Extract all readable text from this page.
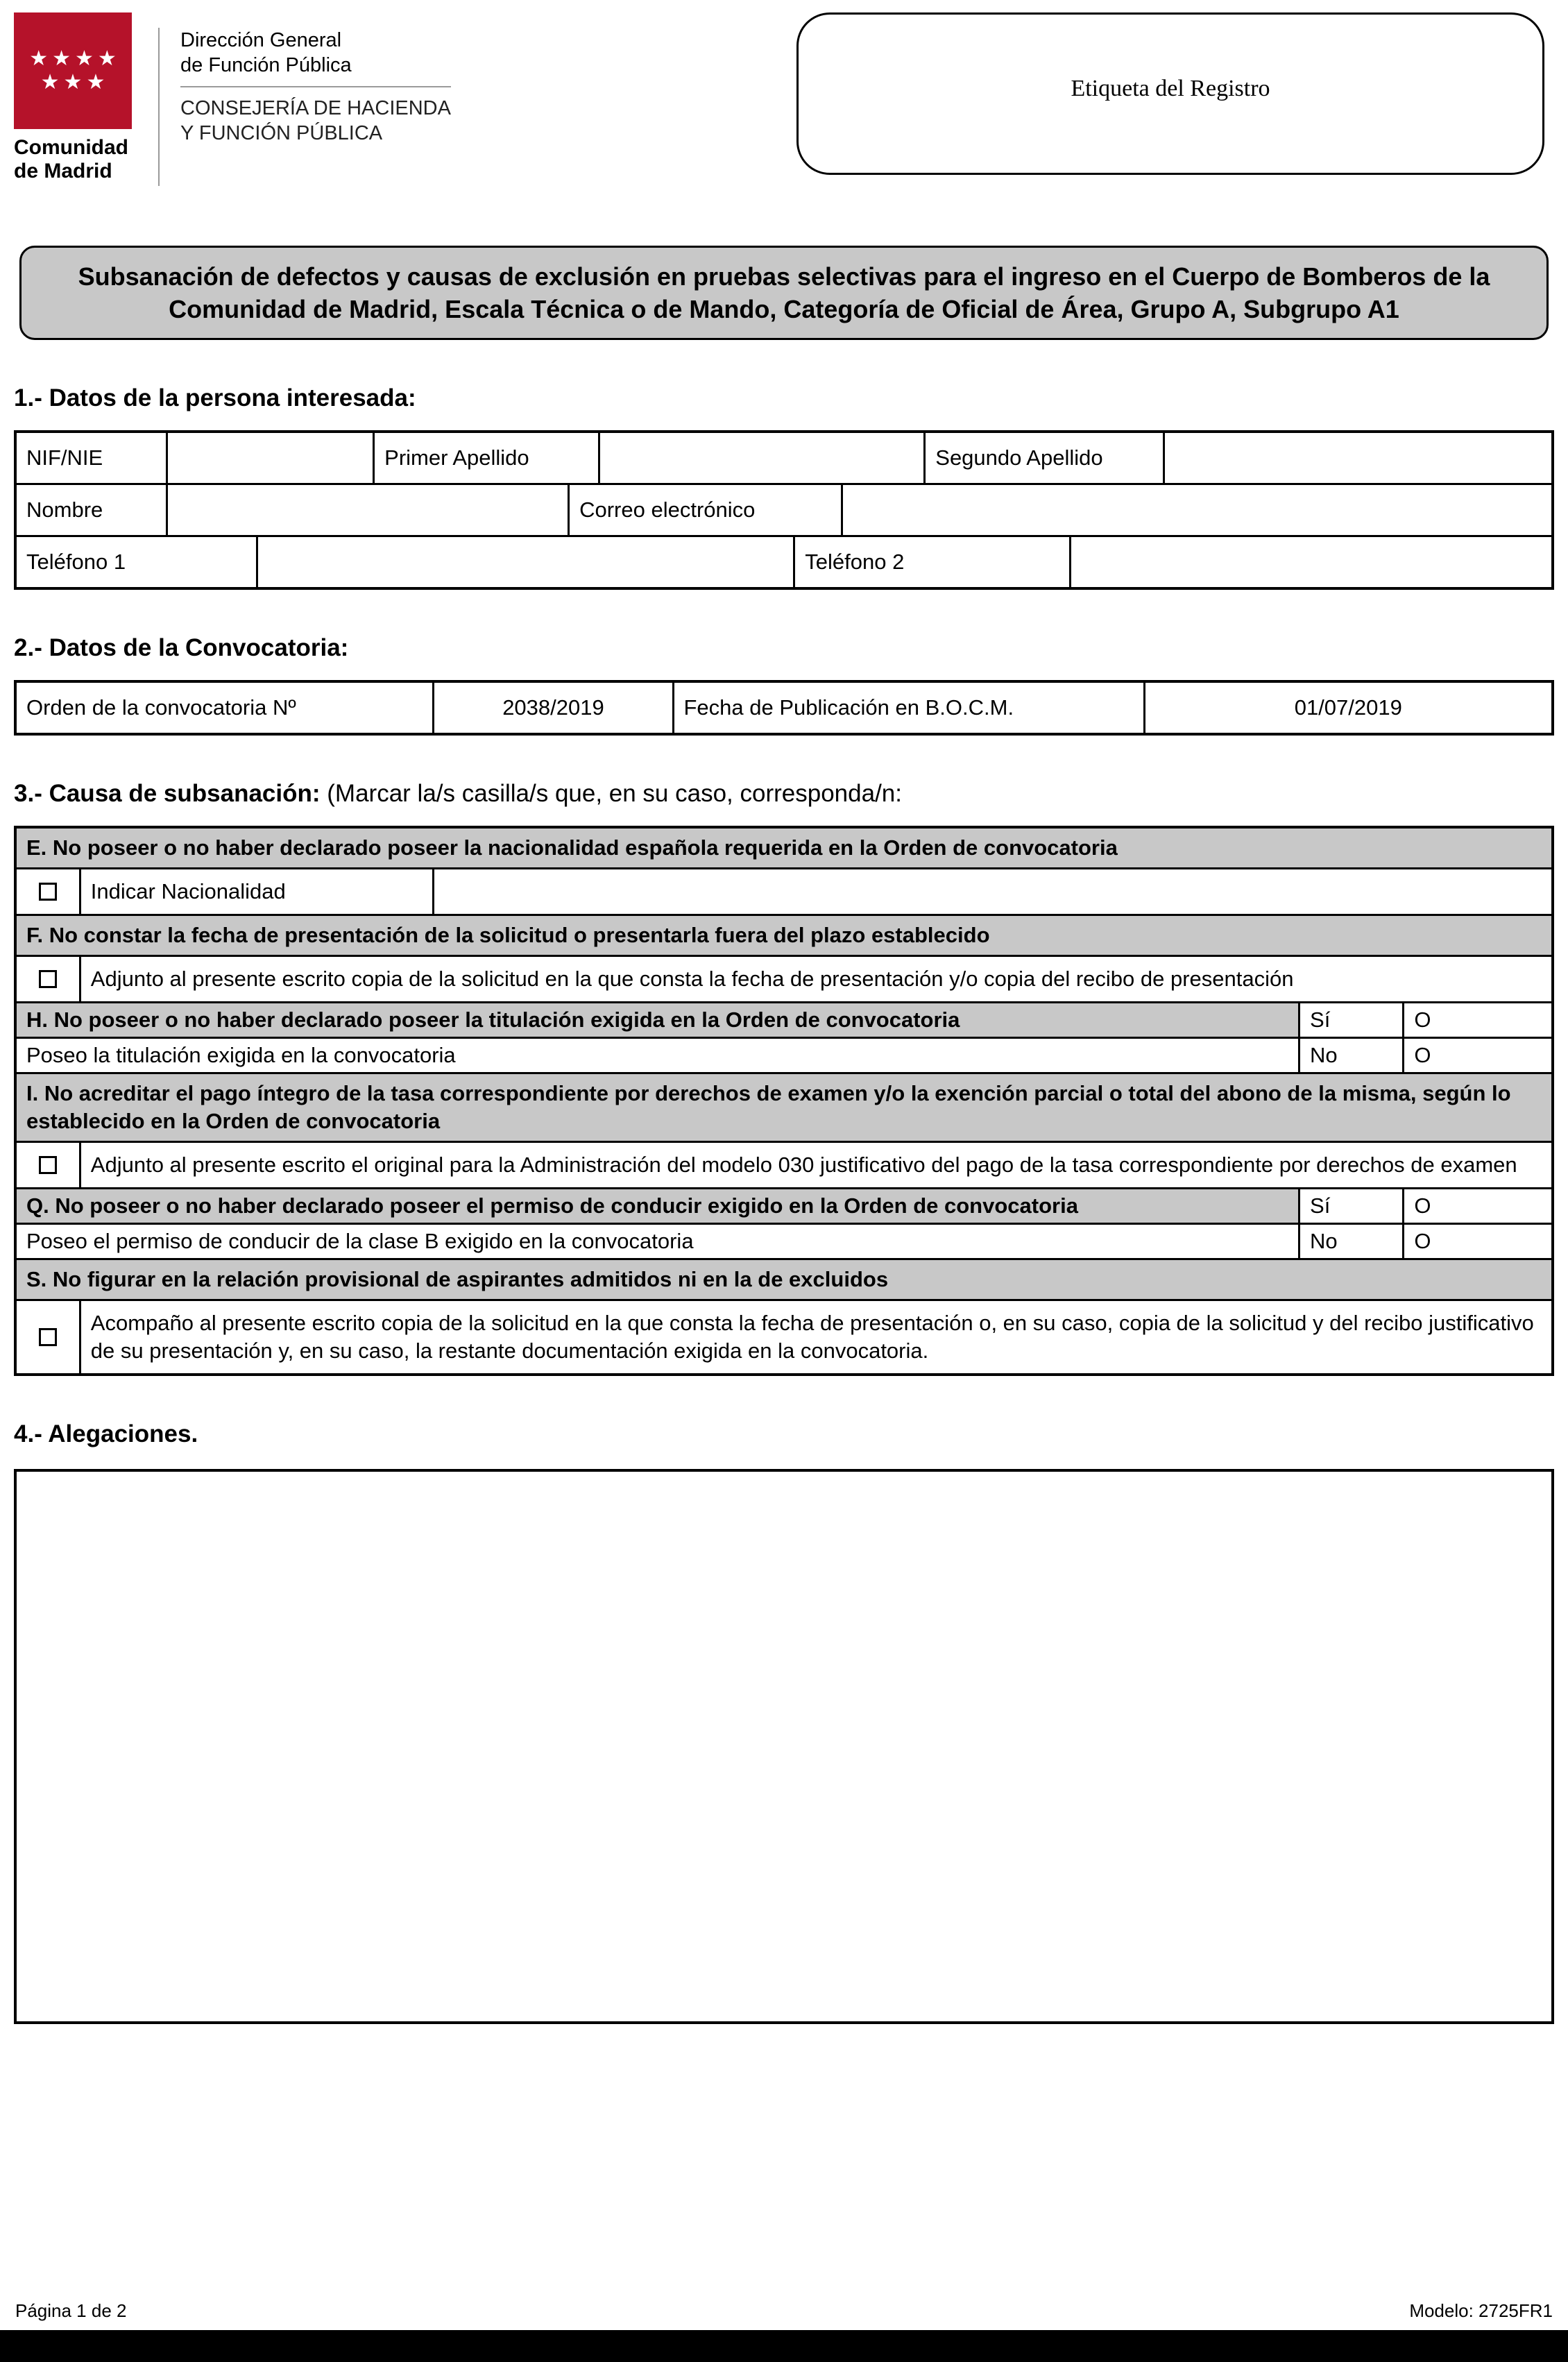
★★★★
★★★
Comunidad
de Madrid
Dirección General
de Función Pública
CONSEJERÍA DE HACIENDA
Y FUNCIÓN PÚBLICA
Etiqueta del Registro
Subsanación de defectos y causas de exclusión en pruebas selectivas para el ingreso en el Cuerpo de Bomberos de la Comunidad de Madrid, Escala Técnica o de Mando, Categoría de Oficial de Área, Grupo A, Subgrupo A1
1.- Datos de la persona interesada:
NIF/NIE	Primer Apellido	Segundo Apellido
Nombre	Correo electrónico
Teléfono 1	Teléfono 2
2.- Datos de la Convocatoria:
Orden de la convocatoria Nº	2038/2019	Fecha de Publicación en B.O.C.M.	01/07/2019
3.- Causa de subsanación: (Marcar la/s casilla/s que, en su caso, corresponda/n:
E. No poseer o no haber declarado poseer la nacionalidad española requerida en la Orden de convocatoria
Indicar Nacionalidad
F. No constar la fecha de presentación de la solicitud o presentarla fuera del plazo establecido
Adjunto al presente escrito copia de la solicitud en la que consta la fecha de presentación y/o copia del recibo de presentación
H. No poseer o no haber declarado poseer la titulación exigida en la Orden de convocatoria	Sí	O
Poseo la titulación exigida en la convocatoria	No	O
I. No acreditar el pago íntegro de la tasa correspondiente por derechos de examen y/o la exención parcial o total del abono de la misma, según lo establecido en la Orden de convocatoria
Adjunto al presente escrito el original para la Administración del modelo 030 justificativo del pago de la tasa correspondiente por derechos de examen
Q. No poseer o no haber declarado poseer el permiso de conducir exigido en la Orden de convocatoria	Sí	O
Poseo el permiso de conducir de la clase B exigido en la convocatoria	No	O
S. No figurar en la relación provisional de aspirantes admitidos ni en la de excluidos
Acompaño al presente escrito copia de la solicitud en la que consta la fecha de presentación o, en su caso, copia de la solicitud y del recibo justificativo de su presentación y, en su caso, la restante documentación exigida en la convocatoria.
4.- Alegaciones.
Página 1 de 2	Modelo: 2725FR1
